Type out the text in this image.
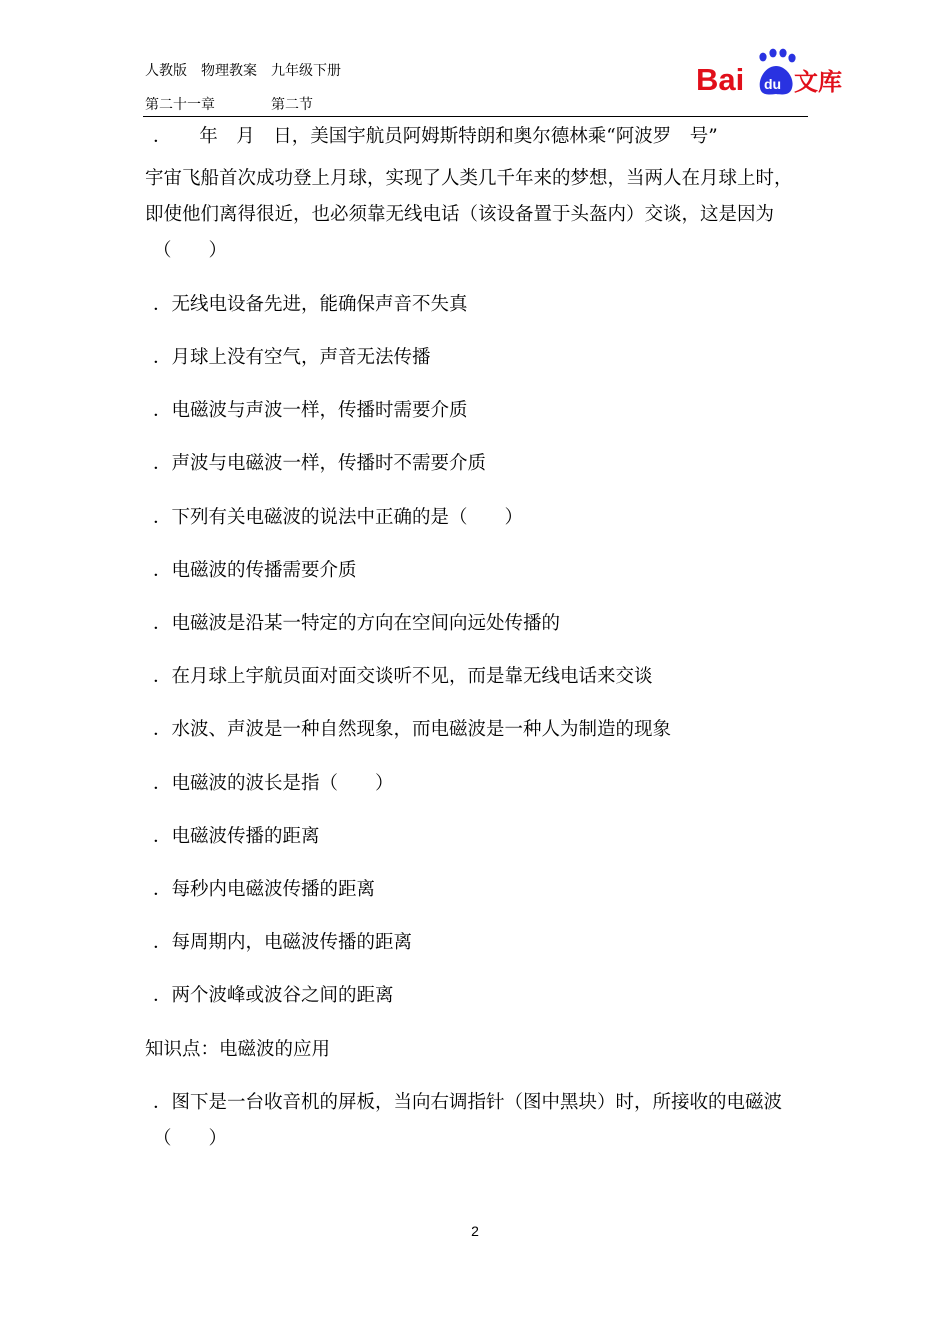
人教版　物理教案　九年级下册
第二十一章　　　　第二节
Bai du 文库
．　　年　月　日，美国宇航员阿姆斯特朗和奥尔德林乘“阿波罗　号”
宇宙飞船首次成功登上月球，实现了人类几千年来的梦想，当两人在月球上时，
即使他们离得很近，也必须靠无线电话（该设备置于头盔内）交谈，这是因为
（　　）
．无线电设备先进，能确保声音不失真
．月球上没有空气，声音无法传播
．电磁波与声波一样，传播时需要介质
．声波与电磁波一样，传播时不需要介质
．下列有关电磁波的说法中正确的是（　　）
．电磁波的传播需要介质
．电磁波是沿某一特定的方向在空间向远处传播的
．在月球上宇航员面对面交谈听不见，而是靠无线电话来交谈
．水波、声波是一种自然现象，而电磁波是一种人为制造的现象
．电磁波的波长是指（　　）
．电磁波传播的距离
．每秒内电磁波传播的距离
．每周期内，电磁波传播的距离
．两个波峰或波谷之间的距离
知识点：电磁波的应用
．图下是一台收音机的屏板，当向右调指针（图中黑块）时，所接收的电磁波
（　　）
2
